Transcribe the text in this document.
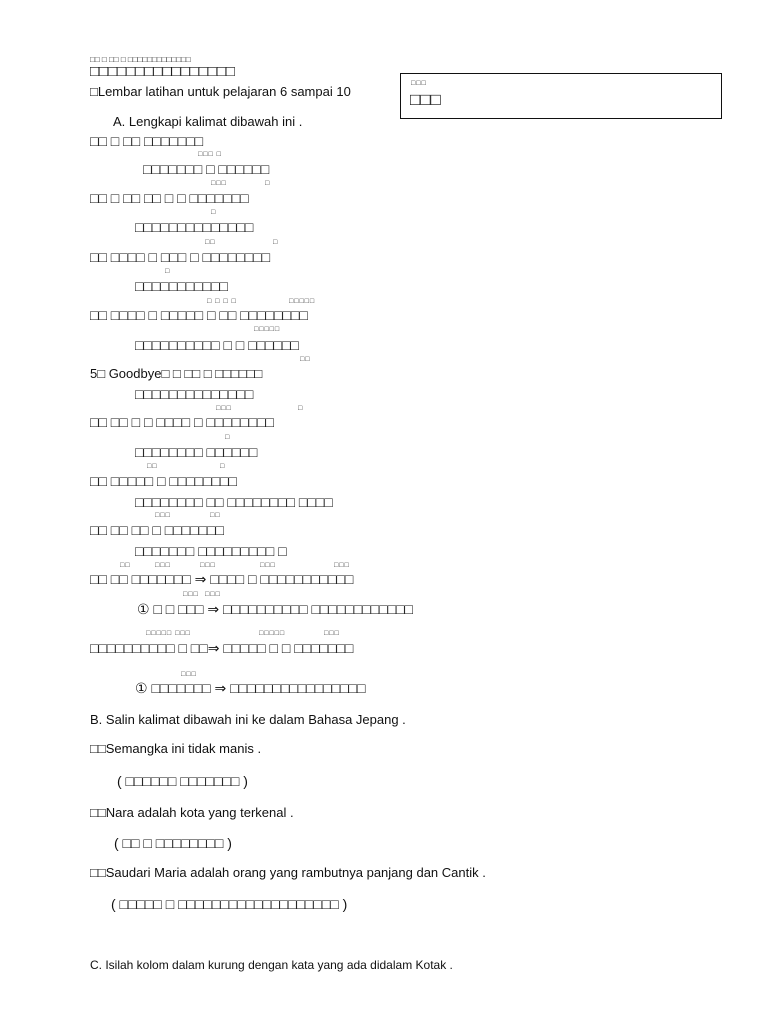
□□ □ □□ □ □□□□□□□□□□□□□
□□□□□□□□□□□□□□□□
□Lembar latihan untuk pelajaran 6 sampai 10
□□□
□□□
A. Lengkapi kalimat dibawah ini .
□□ □ □□ □□□□□□□
□□□ □
□□□□□□□ □ □□□□□□
□□□	□
□□ □ □□ □□ □ □ □□□□□□□
□
□□□□□□□□□□□□□□
□□	□
□□ □□□□ □ □□□ □ □□□□□□□□
□
□□□□□□□□□□□
□ □ □ □	□□□□□
□□ □□□□ □ □□□□□ □ □□ □□□□□□□□
□□□□□
□□□□□□□□□□ □ □ □□□□□□
□□
5□ Goodbye□ □ □□ □ □□□□□□
□□□□□□□□□□□□□□
□□□	□
□□ □□ □ □ □□□□ □ □□□□□□□□
□
□□□□□□□□ □□□□□□
□□	□
□□ □□□□□ □ □□□□□□□□
□□□□□□□□ □□ □□□□□□□□ □□□□
□□□	□□
□□ □□ □□ □ □□□□□□□
□□□□□□□ □□□□□□□□□ □
□□	□□□	□□□	□□□	□□□
□□ □□ □□□□□□□ ⇒ □□□□ □ □□□□□□□□□□□
□□□ □□□
① □ □ □□□ ⇒ □□□□□□□□□□ □□□□□□□□□□□□
□□□□□ □□□	□□□□□	□□□
□□□□□□□□□□ □ □□⇒ □□□□□ □ □ □□□□□□□
□□□
① □□□□□□□ ⇒ □□□□□□□□□□□□□□□□
B. Salin kalimat dibawah ini ke dalam Bahasa Jepang .
□□Semangka ini tidak manis .
( □□□□□□ □□□□□□□ )
□□Nara adalah kota yang terkenal .
( □□ □ □□□□□□□□ )
□□Saudari Maria adalah orang yang rambutnya panjang dan Cantik .
( □□□□□ □ □□□□□□□□□□□□□□□□□□□ )
C. Isilah kolom dalam kurung dengan kata yang ada didalam Kotak .
